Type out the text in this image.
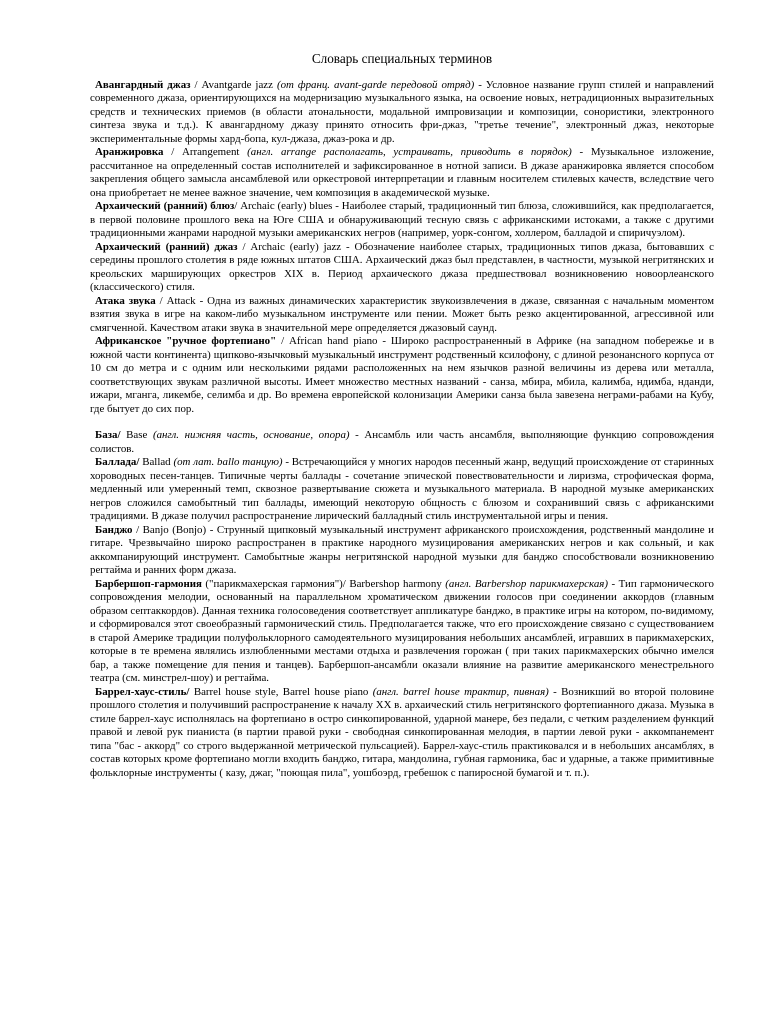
Словарь специальных терминов

Авангардный джаз / Avantgarde jazz (от франц. avant-garde передовой отряд) - Условное название групп стилей и направлений современного джаза, ориентирующихся на модернизацию музыкального языка, на освоение новых, нетрадиционных выразительных средств и технических приемов (в области атональности, модальной импровизации и композиции, сонористики, электронного синтеза звука и т.д.). К авангардному джазу принято относить фри-джаз, "третье течение", электронный джаз, некоторые экспериментальные формы хард-бопа, кул-джаза, джаз-рока и др.

Аранжировка / Arrangement (англ. arrange располагать, устраивать, приводить в порядок) - Музыкальное изложение, рассчитанное на определенный состав исполнителей и зафиксированное в нотной записи. В джазе аранжировка является способом закрепления общего замысла ансамблевой или оркестровой интерпретации и главным носителем стилевых качеств, вследствие чего она приобретает не менее важное значение, чем композиция в академической музыке.

Архаический (ранний) блюз/ Archaic (early) blues - Наиболее старый, традиционный тип блюза, сложившийся, как предполагается, в первой половине прошлого века на Юге США и обнаруживающий тесную связь с африканскими истоками, а также с другими традиционными жанрами народной музыки американских негров (например, уорк-сонгом, холлером, балладой и спиричуэлом).

Архаический (ранний) джаз / Archaic (early) jazz - Обозначение наиболее старых, традиционных типов джаза, бытовавших с середины прошлого столетия в ряде южных штатов США. Архаический джаз был представлен, в частности, музыкой негритянских и креольских марширующих оркестров XIX в. Период архаического джаза предшествовал возникновению новоорлеанского (классического) стиля.

Атака звука / Attack - Одна из важных динамических характеристик звукоизвлечения в джазе, связанная с начальным моментом взятия звука в игре на каком-либо музыкальном инструменте или пении. Может быть резко акцентированной, агрессивной или смягченной. Качеством атаки звука в значительной мере определяется джазовый саунд.

Африканское "ручное фортепиано" / African hand piano - Широко распространенный в Африке (на западном побережье и в южной части континента) щипково-язычковый музыкальный инструмент родственный ксилофону, с длиной резонансного корпуса от 10 см до метра и с одним или несколькими рядами расположенных на нем язычков разной величины из дерева или металла, соответствующих звукам различной высоты. Имеет множество местных названий - санза, мбира, мбила, калимба, ндимба, нданди, ижари, мганга, ликембе, селимба и др. Во времена европейской колонизации Америки санза была завезена неграми-рабами на Кубу, где бытует до сих пор.

База/ Base (англ. нижняя часть, основание, опора) - Ансамбль или часть ансамбля, выполняющие функцию сопровождения солистов.

Баллада/ Ballad (от лат. ballo танцую) - Встречающийся у многих народов песенный жанр, ведущий происхождение от старинных хороводных песен-танцев. Типичные черты баллады - сочетание эпической повествовательности и лиризма, строфическая форма, медленный или умеренный темп, сквозное развертывание сюжета и музыкального материала. В народной музыке американских негров сложился самобытный тип баллады, имеющий некоторую общность с блюзом и сохранивший связь с африканскими традициями. В джазе получил распространение лирический балладный стиль инструментальной игры и пения.

Банджо / Banjo (Bonjo) - Струнный щипковый музыкальный инструмент африканского происхождения, родственный мандолине и гитаре. Чрезвычайно широко распространен в практике народного музицирования американских негров и как сольный, и как аккомпанирующий инструмент. Самобытные жанры негритянской народной музыки для банджо способствовали возникновению регтайма и ранних форм джаза.

Барбершоп-гармония ("парикмахерская гармония")/ Barbershop harmony (англ. Barbershop парикмахерская) - Тип гармонического сопровождения мелодии, основанный на параллельном хроматическом движении голосов при соединении аккордов (главным образом септаккордов). Данная техника голосоведения соответствует аппликатуре банджо, в практике игры на котором, по-видимому, и сформировался этот своеобразный гармонический стиль. Предполагается также, что его происхождение связано с существованием в старой Америке традиции полуфольклорного самодеятельного музицирования небольших ансамблей, игравших в парикмахерских, которые в те времена являлись излюбленными местами отдыха и развлечения горожан ( при таких парикмахерских обычно имелся бар, а также помещение для пения и танцев). Барбершоп-ансамбли оказали влияние на развитие американского менестрельного театра (см. минстрел-шоу) и регтайма.

Баррел-хаус-стиль/ Barrel house style, Barrel house piano (англ. barrel house трактир, пивная) - Возникший во второй половине прошлого столетия и получивший распространение к началу XX в. архаический стиль негритянского фортепианного джаза. Музыка в стиле баррел-хаус исполнялась на фортепиано в остро синкопированной, ударной манере, без педали, с четким разделением функций правой и левой рук пианиста (в партии правой руки - свободная синкопированная мелодия, в партии левой руки - аккомпанемент типа "бас - аккорд" со строго выдержанной метрической пульсацией). Баррел-хаус-стиль практиковался и в небольших ансамблях, в состав которых кроме фортепиано могли входить банджо, гитара, мандолина, губная гармоника, бас и ударные, а также примитивные фольклорные инструменты ( казу, джаг, "поющая пила", уошбоэрд, гребешок с папиросной бумагой и т. п.).
